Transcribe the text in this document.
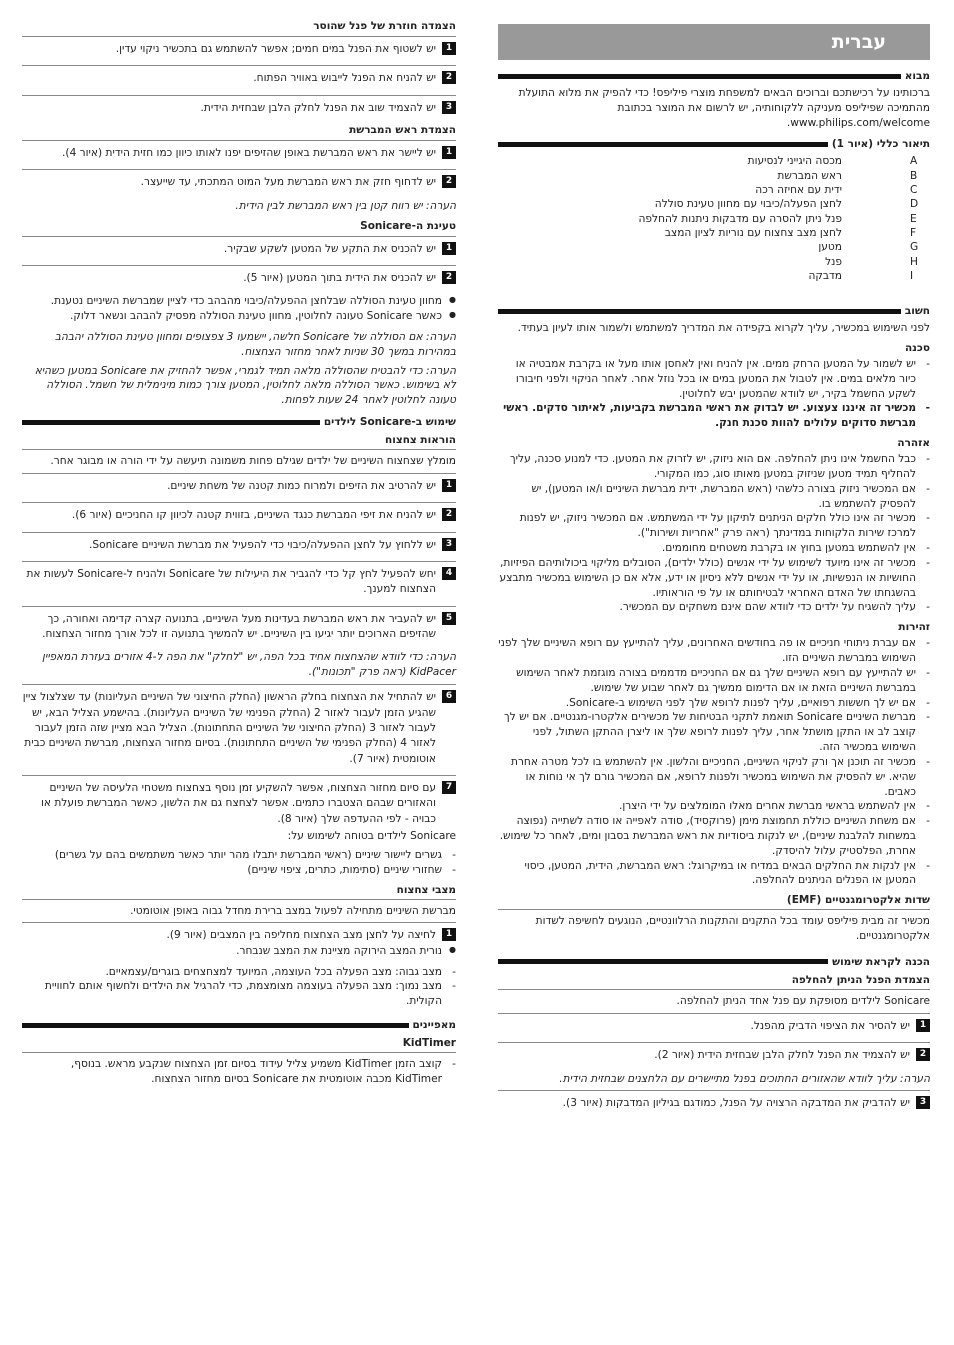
הצמדה חוזרת של פנל שהוסר
1
יש לשטוף את הפנל במים חמים; אפשר להשתמש גם בתכשיר ניקוי עדין.
2
יש להניח את הפנל לייבוש באוויר הפתוח.
3
יש להצמיד שוב את הפנל לחלק הלבן שבחזית הידית.
הצמדת ראש המברשת
1
יש ליישר את ראש המברשת באופן שהזיפים יפנו לאותו כיוון כמו חזית הידית (איור 4).
2
יש לדחוף חזק את ראש המברשת מעל המוט המתכתי, עד שייעצר.
הערה: יש רווח קטן בין ראש המברשת לבין הידית.
טעינת ה-Sonicare
1
יש להכניס את התקע של המטען לשקע שבקיר.
2
יש להכניס את הידית בתוך המטען (איור 5).
● מחוון טעינת הסוללה שבלחצן ההפעלה/כיבוי מהבהב כדי לציין שמברשת השיניים נטענת.
● כאשר Sonicare טעונה לחלוטין, מחוון טעינת הסוללה מפסיק להבהב ונשאר דלוק.
הערה: אם הסוללה של Sonicare חלשה, יישמעו 3 צפצופים ומחוון טעינת הסוללה יהבהב במהירות במשך 30 שניות לאחר מחזור הצחצוח.
הערה: כדי להבטיח שהסוללה מלאה תמיד לגמרי, אפשר להחזיק את Sonicare במטען כשהיא לא בשימוש. כאשר הסוללה מלאה לחלוטין, המטען צורך כמות מינימלית של חשמל. הסוללה טעונה לחלוטין לאחר 24 שעות לפחות.
שימוש ב-Sonicare לילדים
הוראות צחצוח
מומלץ שצחצוח השיניים של ילדים שגילם פחות משמונה תיעשה על ידי הורה או מבוגר אחר.
1
יש להרטיב את הזיפים ולמרוח כמות קטנה של משחת שיניים.
2
יש להניח את זיפי המברשת כנגד השיניים, בזווית קטנה לכיוון קו החניכיים (איור 6).
3
יש ללחוץ על לחצן ההפעלה/כיבוי כדי להפעיל את מברשת השיניים Sonicare.
4
יחש להפעיל לחץ קל כדי להגביר את היעילות של Sonicare ולהניח ל-Sonicare לעשות את הצחצוח למענך.
5
יש להעביר את ראש המברשת בעדינות מעל השיניים, בתנועה קצרה קדימה ואחורה, כך שהזיפים הארוכים יותר יגיעו בין השיניים. יש להמשיך בתנועה זו לכל אורך מחזור הצחצוח.
הערה: כדי לוודא שהצחצוח אחיד בכל הפה, יש "לחלק" את הפה ל-4 אזורים בעזרת המאפיין KidPacer (ראה פרק "תכונות").
6
יש להתחיל את הצחצוח בחלק הראשון (החלק החיצוני של השיניים העליונות) עד שצלצול ציין שהגיע הזמן לעבור לאזור 2 (החלק הפנימי של השיניים העליונות). בהישמע הצליל הבא, יש לעבור לאזור 3 (החלק החיצוני של השיניים התחתונות). הצליל הבא מציין שזה הזמן לעבור לאזור 4 (החלק הפנימי של השיניים התחתונות). בסיום מחזור הצחצוח, מברשת השיניים כבית אוטומטית (איור 7).
7
עם סיום מחזור הצחצוח, אפשר להשקיע זמן נוסף בצחצוח משטחי הלעיסה של השיניים והאזורים שבהם הצטברו כתמים. אפשר לצחצח גם את הלשון, כאשר המברשת פועלת או כבויה - לפי ההעדפה שלך (איור 8).
Sonicare לילדים בטוחה לשימוש על:
- גשרים ליישור שיניים (ראשי המברשת יתבלו מהר יותר כאשר משתמשים בהם על גשרים)
- שחזורי שיניים (סתימות, כתרים, ציפוי שיניים)
מצבי צחצוח
מברשת השיניים מתחילה לפעול במצב ברירת מחדל גבוה באופן אוטומטי.
1
לחיצה על לחצן מצב הצחצוח מחליפה בין המצבים (איור 9).
● נורית המצב הירוקה מציינת את המצב שנבחר.
- מצב גבוה: מצב הפעלה בכל העוצמה, המיועד למצחצחים בוגרים/עצמאיים.
- מצב נמוך: מצב הפעלה בעוצמה מצומצמת, כדי להרגיל את הילדים ולחשוף אותם לחוויית הקולית.
מאפיינים
KidTimer
- קוצב הזמן KidTimer משמיע צליל עידוד בסיום זמן הצחצוח שנקבע מראש. בנוסף, KidTimer מכבה אוטומטית את Sonicare בסיום מחזור הצחצוח.
עברית
מבוא
ברכותינו על רכישתכם וברוכים הבאים למשפחת מוצרי פיליפס! כדי להפיק את מלוא התועלת מהתמיכה שפיליפס מעניקה ללקוחותיה, יש לרשום את המוצר בכתובת www.philips.com/welcome.
תיאור כללי (איור 1)
A
מכסה היגייני לנסיעות
B
ראש המברשת
C
ידית עם אחיזה רכה
D
לחצן הפעלה/כיבוי עם מחוון טעינת סוללה
E
פנל ניתן להסרה עם מדבקות ניתנות להחלפה
F
לחצן מצב צחצוח עם נוריות לציון המצב
G
מטען
H
פנל
I
מדבקה
חשוב
לפני השימוש במכשיר, עליך לקרוא בקפידה את המדריך למשתמש ולשמור אותו לעיון בעתיד.
סכנה
- יש לשמור על המטען הרחק ממים. אין להניח ואין לאחסן אותו מעל או בקרבת אמבטיה או כיור מלאים במים. אין לטבול את המטען במים או בכל נוזל אחר. לאחר הניקוי ולפני חיבורו לשקע החשמל בקיר, יש לוודא שהמטען יבש לחלוטין.
- מכשיר זה איננו צעצוע. יש לבדוק את ראשי המברשת בקביעות, לאיתור סדקים. ראשי מברשת סדוקים עלולים להוות סכנת חנק.
אזהרה
- כבל החשמל אינו ניתן להחלפה. אם הוא ניזוק, יש לזרוק את המטען. כדי למנוע סכנה, עליך להחליף תמיד מטען שניזוק במטען מאותו סוג, כמו המקורי.
- אם המכשיר ניזוק בצורה כלשהי (ראש המברשת, ידית מברשת השיניים ו/או המטען), יש להפסיק להשתמש בו.
- מכשיר זה אינו כולל חלקים הניתנים לתיקון על ידי המשתמש. אם המכשיר ניזוק, יש לפנות למרכז שירות הלקוחות במדינתך (ראה פרק "אחריות ושירות").
- אין להשתמש במטען בחוץ או בקרבת משטחים מחוממים.
- מכשיר זה אינו מיועד לשימוש על ידי אנשים (כולל ילדים), הסובלים מליקוי ביכולותיהם הפיזיות, החושיות או הנפשיות, או על ידי אנשים ללא ניסיון או ידע, אלא אם כן השימוש במכשיר מתבצע בהשגחתו של האדם האחראי לבטיחותם או על פי הוראותיו.
- עליך להשגיח על ילדים כדי לוודא שהם אינם משחקים עם המכשיר.
זהירות
- אם עברת ניתוחי חניכיים או פה בחודשים האחרונים, עליך להתייעץ עם רופא השיניים שלך לפני השימוש במברשת השיניים הזו.
- יש להתייעץ עם רופא השיניים שלך גם אם החניכיים מדממים בצורה מוגזמת לאחר השימוש במברשת השיניים הזאת או אם הדימום ממשיך גם לאחר שבוע של שימוש.
- אם יש לך חששות רפואיים, עליך לפנות לרופא שלך לפני השימוש ב-Sonicare.
- מברשת השיניים Sonicare תואמת לתקני הבטיחות של מכשירים אלקטרו-מגנטיים. אם יש לך קוצב לב או התקן מושתל אחר, עליך לפנות לרופא שלך או ליצרן ההתקן השתול, לפני השימוש במכשיר הזה.
- מכשיר זה תוכנן אך ורק לניקוי השיניים, החניכיים והלשון. אין להשתמש בו לכל מטרה אחרת שהיא. יש להפסיק את השימוש במכשיר ולפנות לרופא, אם המכשיר גורם לך אי נוחות או כאבים.
- אין להשתמש בראשי מברשת אחרים מאלו המומלצים על ידי היצרן.
- אם משחת השיניים כוללת תחמוצת מימן (פרוקסיד), סודה לאפייה או סודה לשתייה (נפוצה במשחות להלבנת שיניים), יש לנקות ביסודיות את ראש המברשת בסבון ומים, לאחר כל שימוש. אחרת, הפלסטיק עלול להיסדק.
- אין לנקות את החלקים הבאים במדיח או במיקרוגל: ראש המברשת, הידית, המטען, כיסוי המטען או הפנלים הניתנים להחלפה.
שדות אלקטרומגנטיים (EMF)
מכשיר זה מבית פיליפס עומד בכל התקנים והתקנות הרלוונטיים, הנוגעים לחשיפה לשדות אלקטרומגנטיים.
הכנה לקראת שימוש
הצמדת הפנל הניתן להחלפה
Sonicare לילדים מסופקת עם פנל אחד הניתן להחלפה.
1
יש להסיר את הציפוי הדביק מהפנל.
2
יש להצמיד את הפנל לחלק הלבן שבחזית הידית (איור 2).
הערה: עליך לוודא שהאזורים החתוכים בפנל מתיישרים עם הלחצנים שבחזית הידית.
3
יש להדביק את המדבקה הרצויה על הפנל, כמודגם בגיליון המדבקות (איור 3).
